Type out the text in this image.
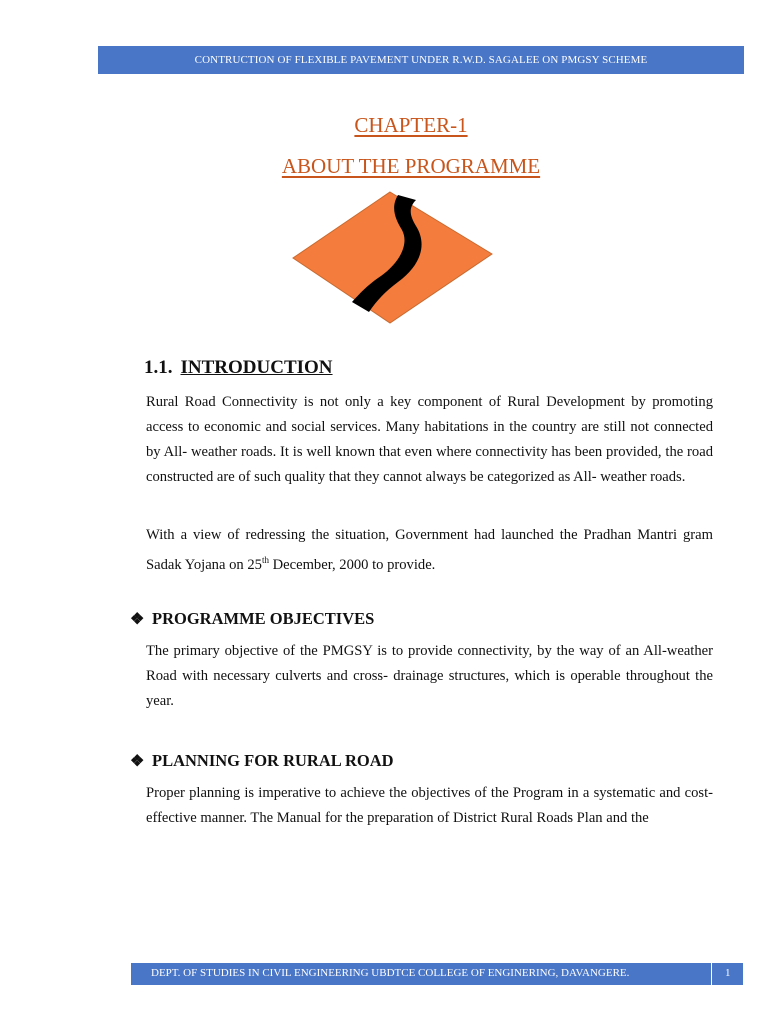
CONTRUCTION OF FLEXIBLE PAVEMENT UNDER R.W.D. SAGALEE ON PMGSY SCHEME
CHAPTER-1
ABOUT THE PROGRAMME
1.1. INTRODUCTION

Rural Road Connectivity is not only a key component of Rural Development by promoting access to economic and social services. Many habitations in the country are still not connected by All- weather roads. It is well known that even where connectivity has been provided, the road constructed are of such quality that they cannot always be categorized as All- weather roads.

With a view of redressing the situation, Government had launched the Pradhan Mantri gram Sadak Yojana on 25th December, 2000 to provide.

❖ PROGRAMME OBJECTIVES

The primary objective of the PMGSY is to provide connectivity, by the way of an All-weather Road with necessary culverts and cross- drainage structures, which is operable throughout the year.

❖ PLANNING FOR RURAL ROAD

Proper planning is imperative to achieve the objectives of the Program in a systematic and cost-effective manner. The Manual for the preparation of District Rural Roads Plan and the

DEPT. OF STUDIES IN CIVIL ENGINEERING UBDTCE COLLEGE OF ENGINERING, DAVANGERE.	1
